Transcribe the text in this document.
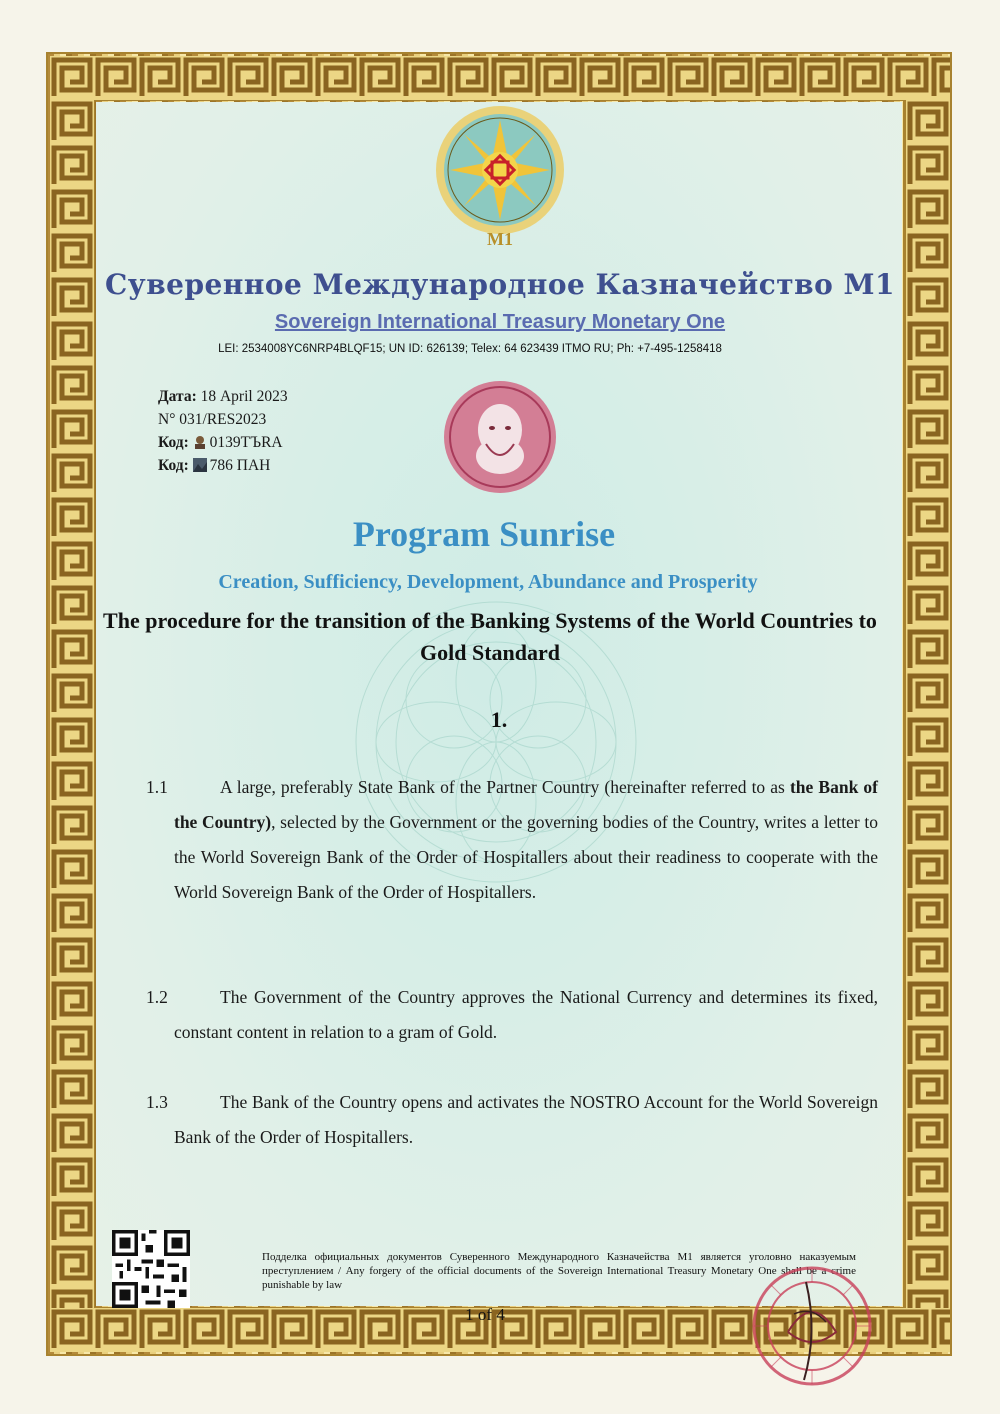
M1
Суверенное Международное Казначейство М1
Sovereign International Treasury Monetary One
LEI: 2534008YC6NRP4BLQF15; UN ID: 626139; Telex: 64 623439 ITMO RU; Ph: +7-495-1258418
Дата: 18 April 2023
N° 031/RES2023
Код: 0139ТЪRA
Код: 786 ПАН
Program Sunrise
Creation, Sufficiency, Development, Abundance and Prosperity
The procedure for the transition of the Banking Systems of the World Countries to Gold Standard
1.
1.1	A large, preferably State Bank of the Partner Country (hereinafter referred to as the Bank of the Country), selected by the Government or the governing bodies of the Country, writes a letter to the World Sovereign Bank of the Order of Hospitallers about their readiness to cooperate with the World Sovereign Bank of the Order of Hospitallers.
1.2	The Government of the Country approves the National Currency and determines its fixed, constant content in relation to a gram of Gold.
1.3	The Bank of the Country opens and activates the NOSTRO Account for the World Sovereign Bank of the Order of Hospitallers.
Подделка официальных документов Суверенного Международного Казначейства М1 является уголовно наказуемым преступлением / Any forgery of the official documents of the Sovereign International Treasury Monetary One shall be a crime punishable by law
1 of 4
